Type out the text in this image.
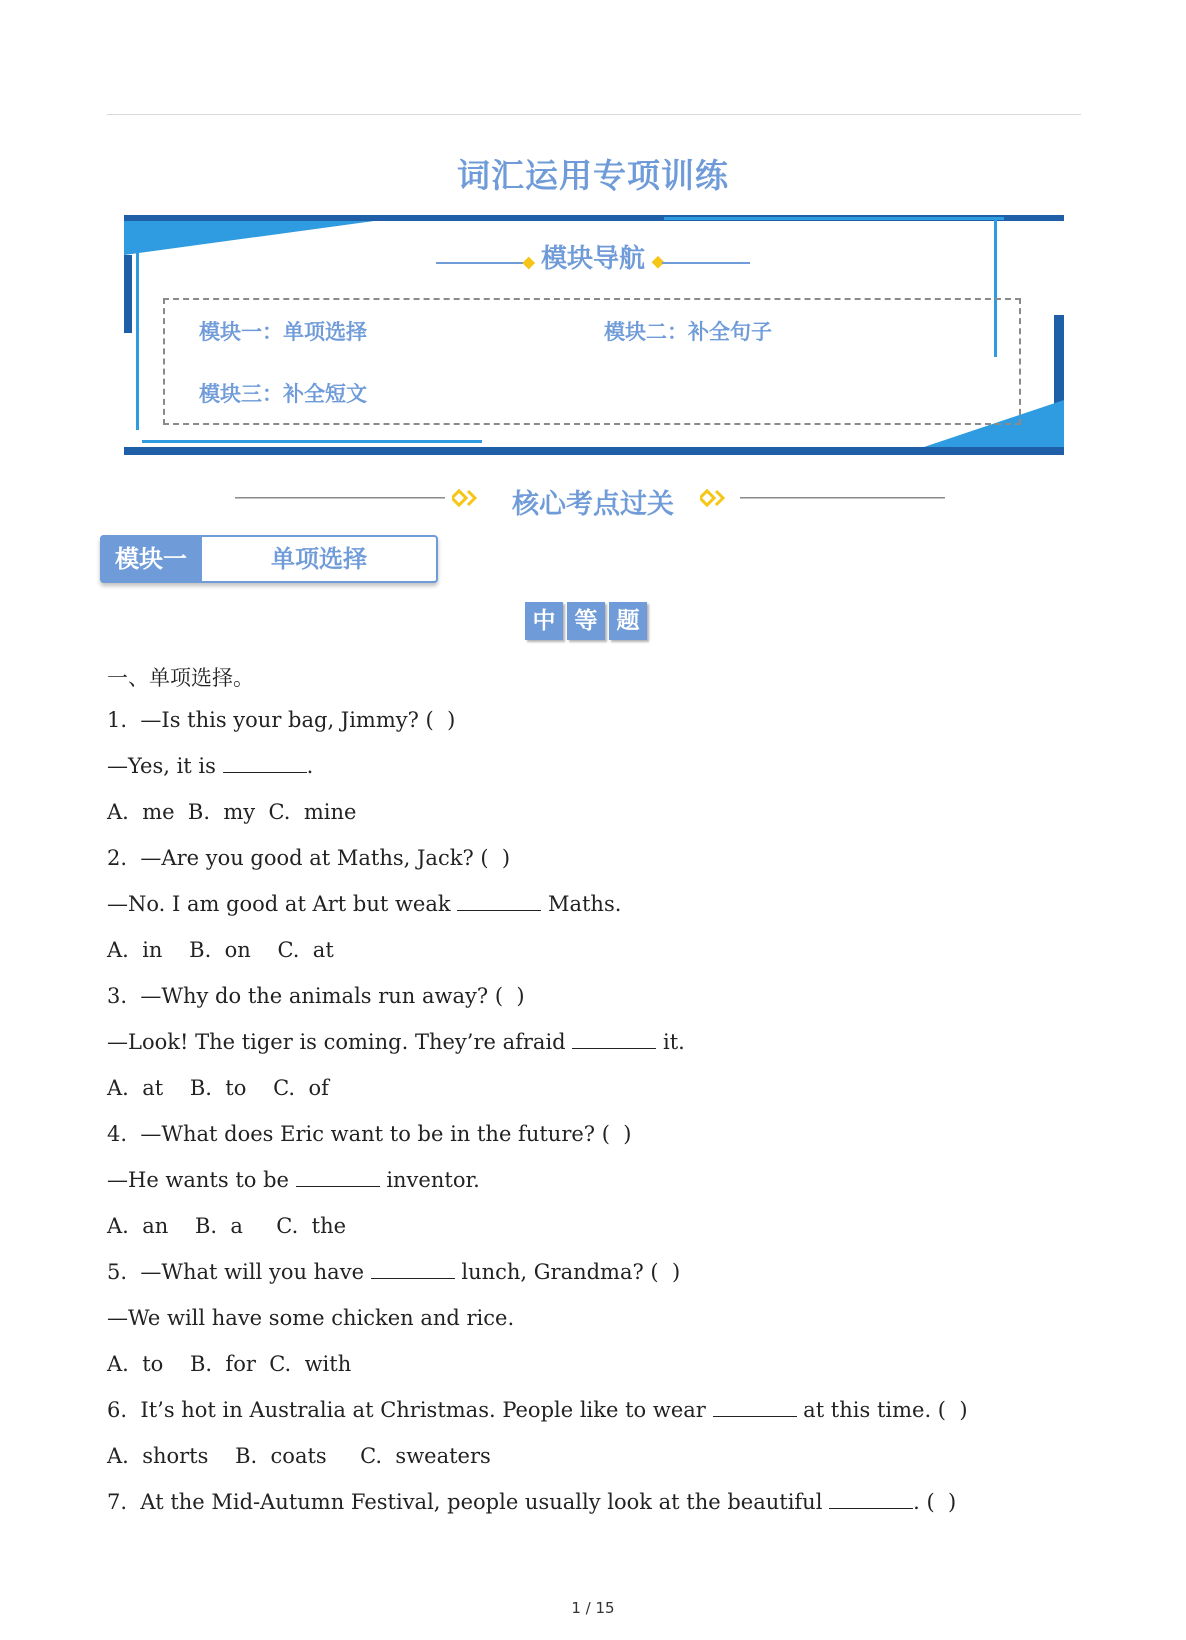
词汇运用专项训练
模块导航
模块一：单项选择	模块二：补全句子
模块三：补全短文
核心考点过关
模块一	单项选择
中 等 题
一、单项选择。
1. —Is this your bag, Jimmy? (  )
—Yes, it is	.
A.  me  B.  my  C.  mine
2. —Are you good at Maths, Jack? (  )
—No. I am good at Art but weak	Maths.
A.  in    B.  on    C.  at
3. —Why do the animals run away? (  )
—Look! The tiger is coming. They’re afraid	it.
A.  at    B.  to    C.  of
4. —What does Eric want to be in the future? (  )
—He wants to be	inventor.
A.  an    B.  a     C.  the
5. —What will you have	lunch, Grandma? (  )
—We will have some chicken and rice.
A.  to    B.  for  C.  with
6. It’s hot in Australia at Christmas. People like to wear	at this time. (  )
A.  shorts    B.  coats     C.  sweaters
7. At the Mid-Autumn Festival, people usually look at the beautiful	. (  )
1 / 15
